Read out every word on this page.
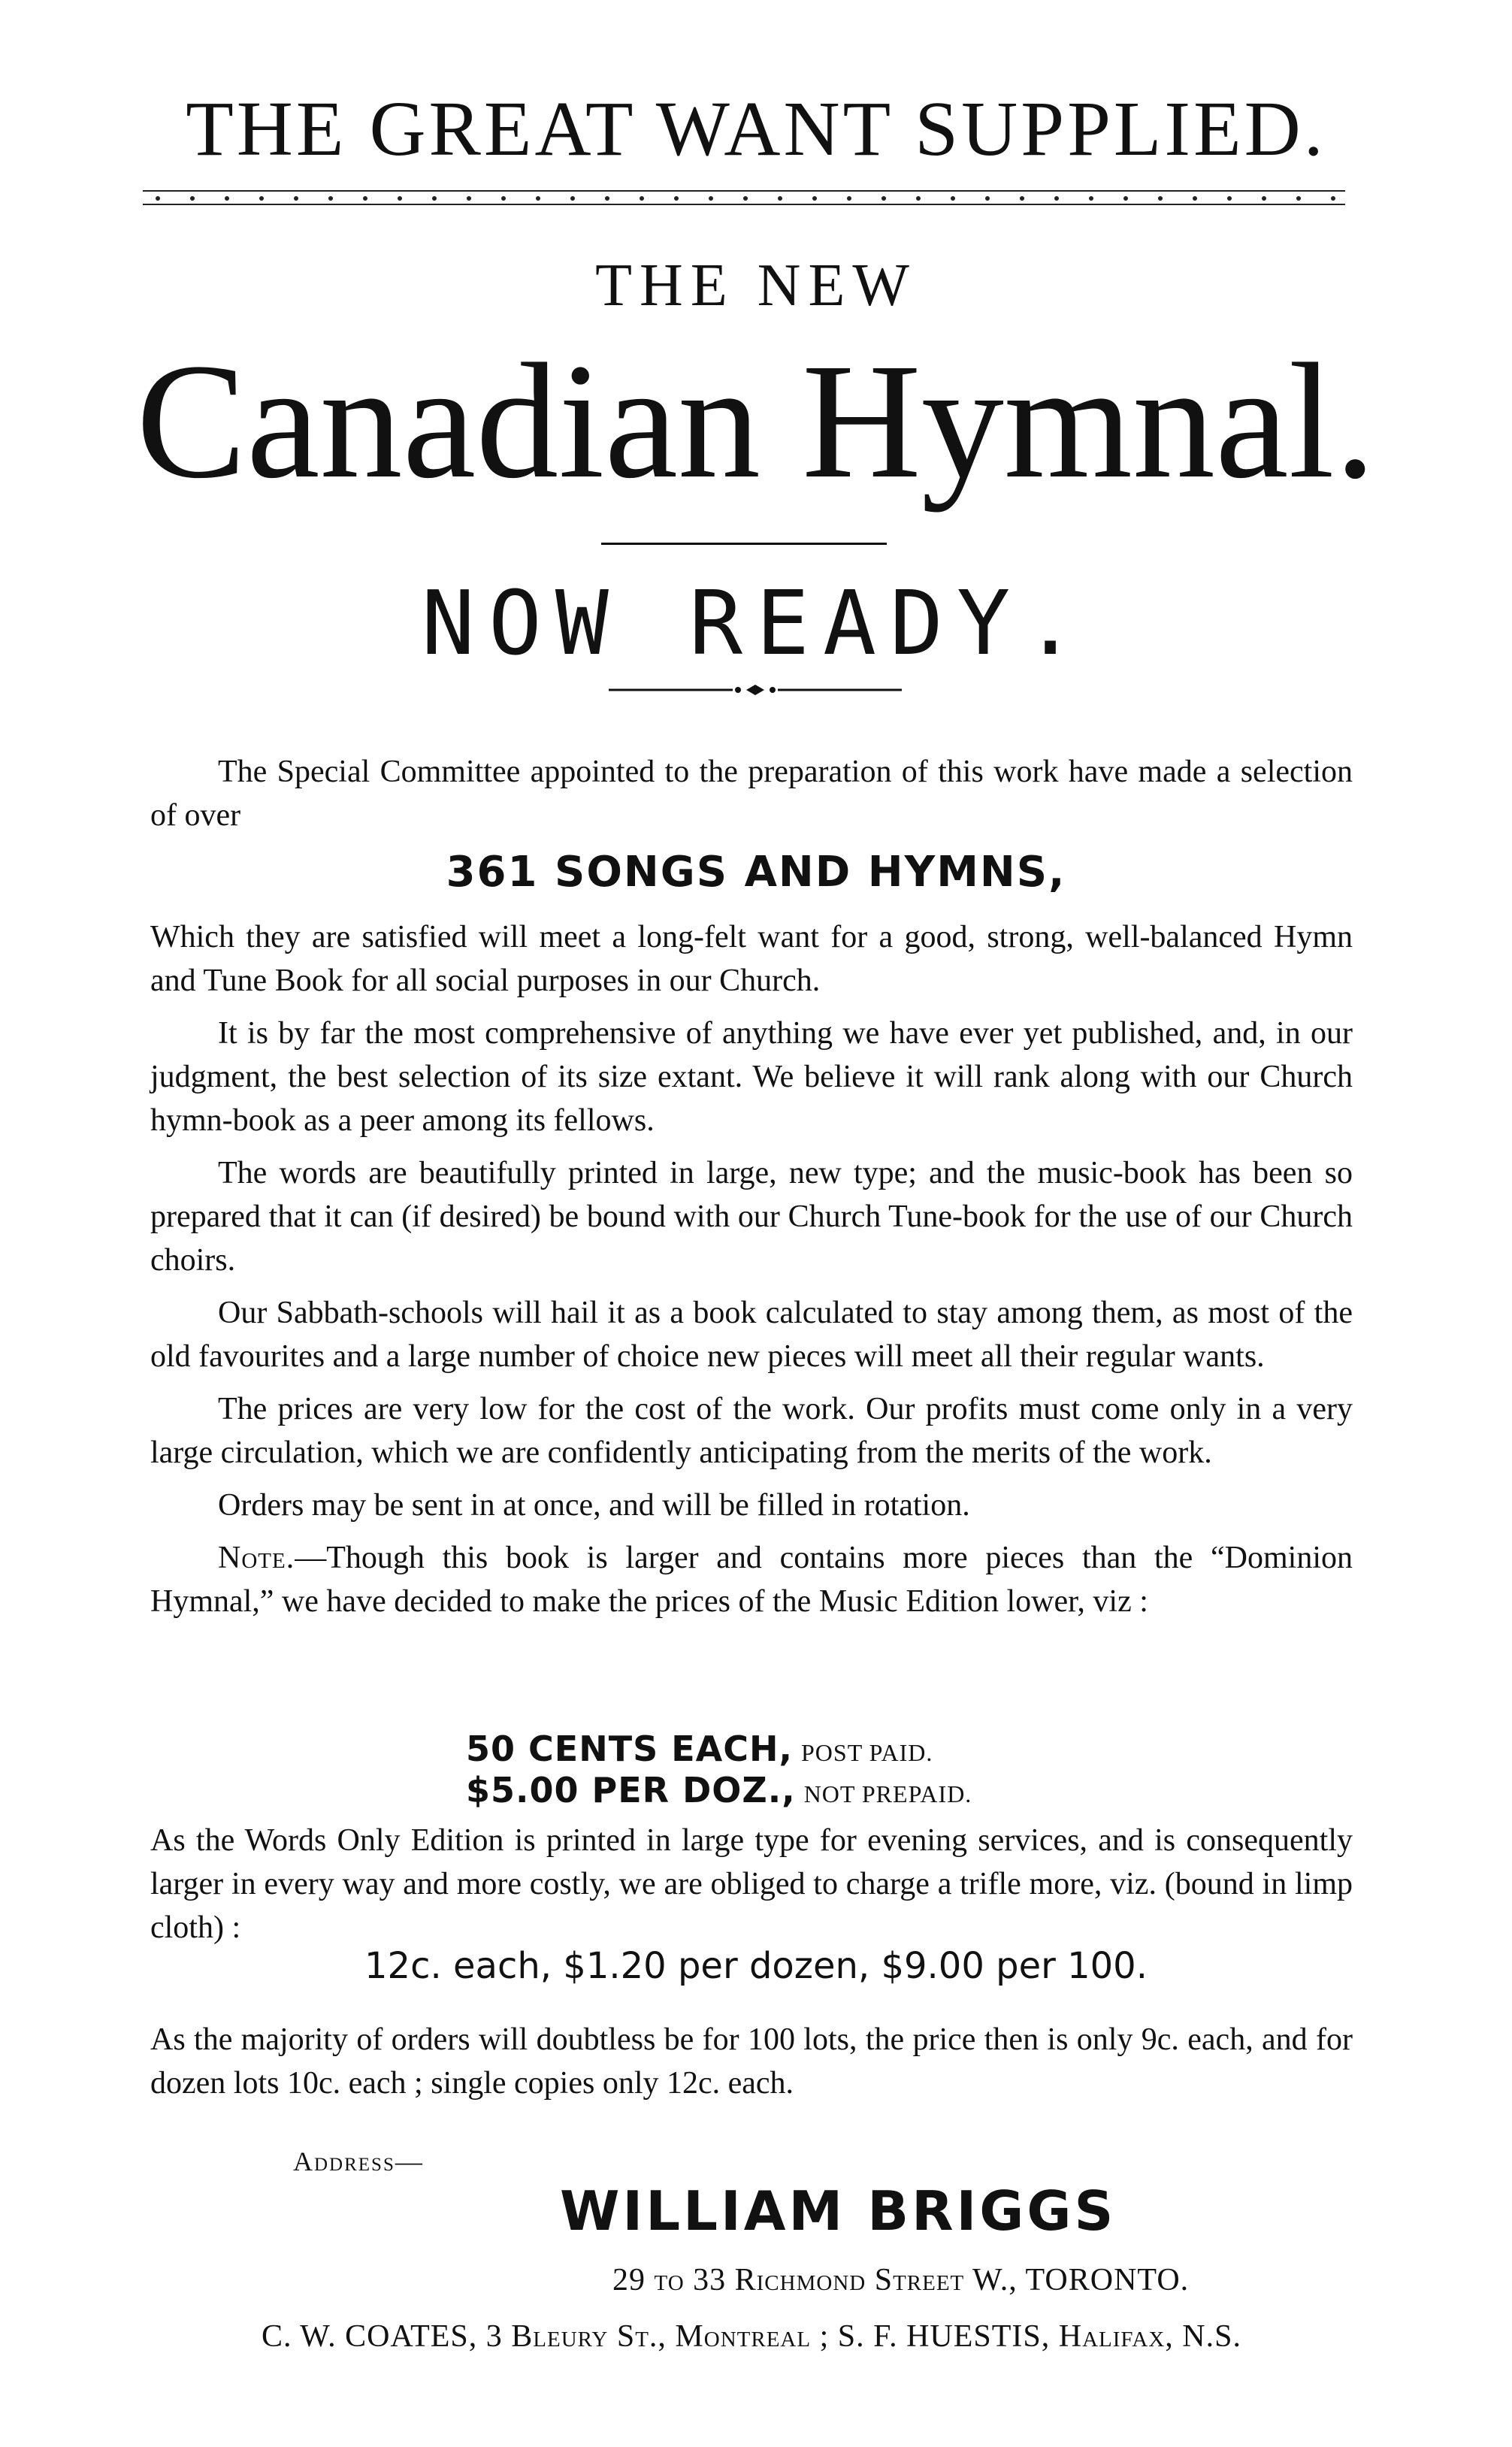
THE GREAT WANT SUPPLIED.
THE NEW
Canadian Hymnal.
NOW READY.

The Special Committee appointed to the preparation of this work have made a selection of over

361 SONGS AND HYMNS,

Which they are satisfied will meet a long-felt want for a good, strong, well-balanced Hymn and Tune Book for all social purposes in our Church.

It is by far the most comprehensive of anything we have ever yet published, and, in our judgment, the best selection of its size extant. We believe it will rank along with our Church hymn-book as a peer among its fellows.

The words are beautifully printed in large, new type; and the music-book has been so prepared that it can (if desired) be bound with our Church Tune-book for the use of our Church choirs.

Our Sabbath-schools will hail it as a book calculated to stay among them, as most of the old favourites and a large number of choice new pieces will meet all their regular wants.

The prices are very low for the cost of the work. Our profits must come only in a very large circulation, which we are confidently anticipating from the merits of the work.

Orders may be sent in at once, and will be filled in rotation.

Note.—Though this book is larger and contains more pieces than the “Dominion Hymnal,” we have decided to make the prices of the Music Edition lower, viz :

50 CENTS EACH, POST PAID.
$5.00 PER DOZ., NOT PREPAID.

As the Words Only Edition is printed in large type for evening services, and is consequently larger in every way and more costly, we are obliged to charge a trifle more, viz. (bound in limp cloth) :

12c. each, $1.20 per dozen, $9.00 per 100.

As the majority of orders will doubtless be for 100 lots, the price then is only 9c. each, and for dozen lots 10c. each ; single copies only 12c. each.

Address—
WILLIAM BRIGGS
29 to 33 Richmond Street W., TORONTO.
C. W. COATES, 3 Bleury St., Montreal ; S. F. HUESTIS, Halifax, N.S.
